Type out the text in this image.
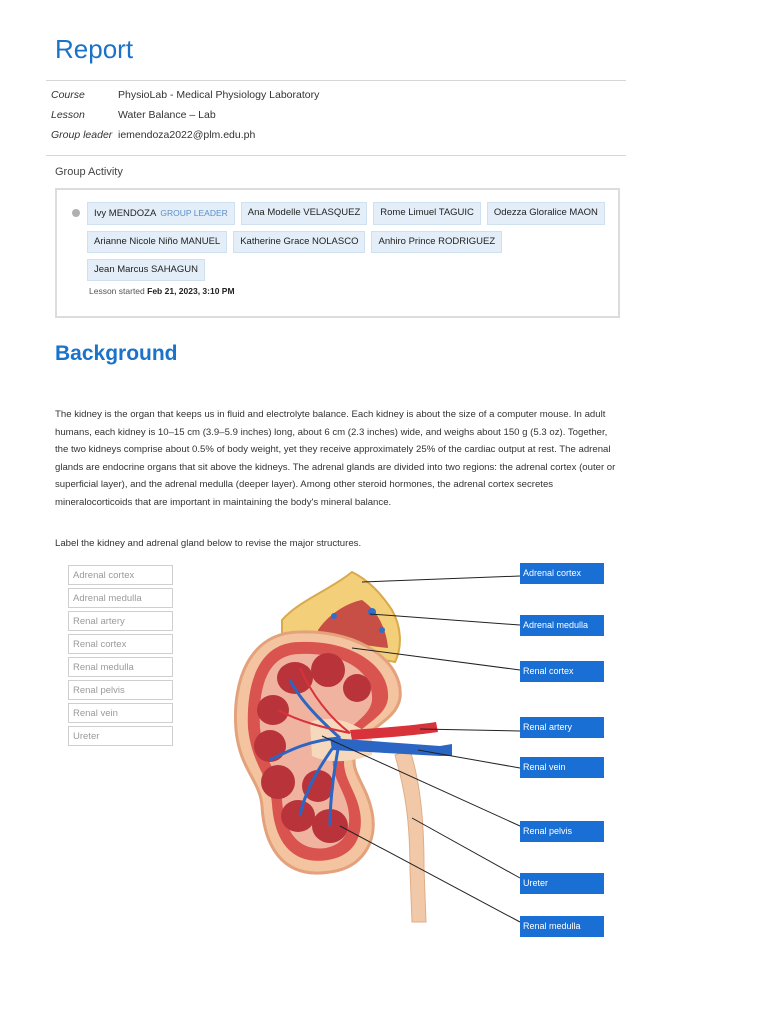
Report
Course	PhysioLab - Medical Physiology Laboratory
Lesson	Water Balance – Lab
Group leader iemendoza2022@plm.edu.ph
Group Activity
Ivy MENDOZA GROUP LEADER	Ana Modelle VELASQUEZ	Rome Limuel TAGUIC	Odezza Gloralice MAON
Arianne Nicole Niño MANUEL	Katherine Grace NOLASCO	Anhiro Prince RODRIGUEZ
Jean Marcus SAHAGUN
Lesson started Feb 21, 2023, 3:10 PM
Background

The kidney is the organ that keeps us in fluid and electrolyte balance. Each kidney is about the size of a computer mouse. In adult humans, each kidney is 10–15 cm (3.9–5.9 inches) long, about 6 cm (2.3 inches) wide, and weighs about 150 g (5.3 oz). Together, the two kidneys comprise about 0.5% of body weight, yet they receive approximately 25% of the cardiac output at rest. The adrenal glands are endocrine organs that sit above the kidneys. The adrenal glands are divided into two regions: the adrenal cortex (outer or superficial layer), and the adrenal medulla (deeper layer). Among other steroid hormones, the adrenal cortex secretes mineralocorticoids that are important in maintaining the body's mineral balance.

Label the kidney and adrenal gland below to revise the major structures.

Adrenal cortex
Adrenal medulla
Renal artery
Renal cortex
Renal medulla
Renal pelvis
Renal vein
Ureter
Adrenal cortex
Adrenal medulla
Renal cortex
Renal artery
Renal vein
Renal pelvis
Ureter
Renal medulla
